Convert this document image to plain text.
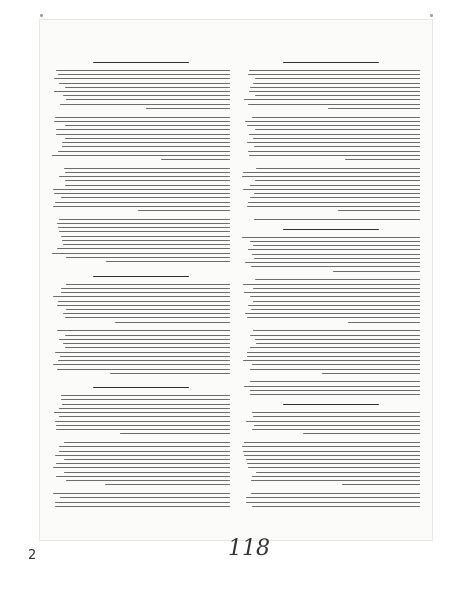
118
2
